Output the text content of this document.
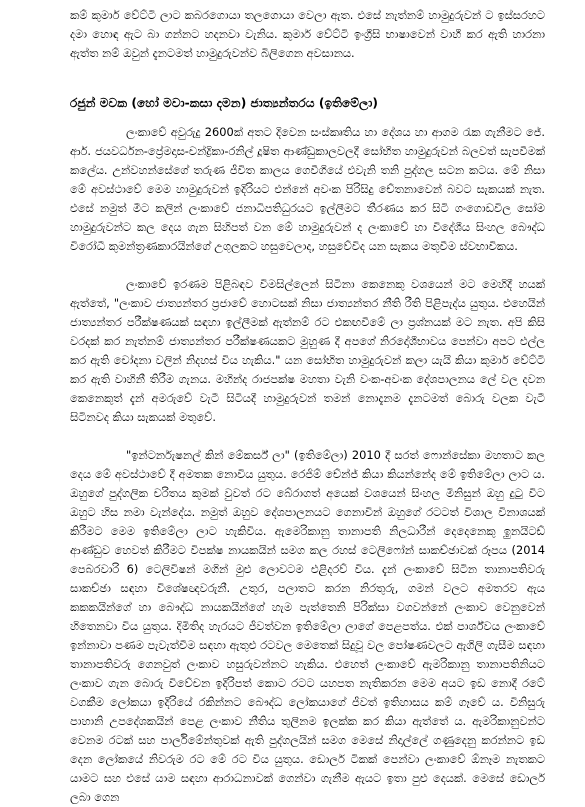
කම් කුමාර් වේට්ටි ලාට කබරගොයා තලගොයා වෙලා ඇත. එසේ නැත්නම් හාමුදුරුවන් ට ඉස්සරහට දමා හොඳ ඇට බා ගන්නට හදනවා වැනිය. කුමාර් වේට්ටි ඉංග්‍රීසි භාෂාවෙන් වාහී කර ඇති හාරනා ඇත්ත නම් ඔවුන් දැනටමත් හාමුදුරුවන්ව බිලිගෙන අවසානය.

රජුන් මවක (හෝ මවා-කසා දමන) ජාත්‍යන්තරය (ඉතිමේලා)

ලංකාවේ අවුරුදු 2600ක් අතට දිවෙන සංස්කෘතිය හා දේශය හා ආගම රැක ගැනීමට ජේ. ආර්. ජයවර්ධන-ප්‍රේමදාස-චන්ද්‍රිකා-රනිල් දූෂිත ආණ්ඩුකාලවලදී සෝභිත හාමුදුරුවන් බලවත් සැපවීමක් කලේය. උන්වහන්සේගේ තරුණ ජීවිත කාලය ගෙවීගියේ එවැනි තනි පුද්ගල සටන කටය. මේ නිසා මේ අවස්ථාවේ මෙම හාමුදුරුවන් ඉදිරියට එන්නේ අවංක පිරිසිදු චේතනාවෙන් බවට සැකයක් නැත. එසේ නමුත් මීට කලින් ලංකාවේ ජනාධිපතිධුරයට ඉල්ලීමට තීරණය කර සිටි ගංගොඩවිල සෝම හාමුදුරුවන්ට කල දෙය ගැන සිහිපත් වන මේ හාමුදුරුවන් ද ලංකාවේ හා විදේශීය සිංහල බෞද්ධ විරෝධී කුමන්ත්‍රණකාරයින්ගේ උගුලකට හසුවෙලාද, හසුවේවිද යන සැකය මතුවීම ස්වභාවිකය.

ලංකාවේ ඉරණම පිළිබඳව විමසිල්ලෙන් සිටිනා කෙනෙකු වශයෙන් මට මෙහිදී හයක් ඇත්තේ, "ලංකාව ජාත්‍යන්තර ප්‍රජාවේ හොටසක් නිසා ජාත්‍යන්තර නීති රීති පිළිපැද්ය යුතුය. එහෙයින් ජාත්‍යන්තර පරීක්ෂණයක් සඳහා ඉල්ලීමක් ඇත්නම් රට එකඟවීමේ ලා ප්‍රශ්නයක් මට නැත. අපි කිසි වරදක් කර නැත්නම් ජාත්‍යන්තර පරීක්ෂණයකට මුහුණ දී අපගේ නිරදෝශීභාවය පෙන්වා අපට එල්ල කර ඇති චෝදනා වලින් නිදහස් විය හැකිය." යන සෝභිත හාමුදුරුවන් කලා යැයි කියා කුමාර් වේට්ටි කර ඇති වාහිනී තිරීම ගැනය. මහින්ද රාජපක්ෂ මහතා වැනි වංක-අවංක දේශපාලනය ලේ වල දවන කෙනෙකුත් දැන් අමරුවේ වැටී සිටියදී හාමුදුරුවන් තමන් නොදැනම දැනටමත් බොරු වලක වැටී සිටිනවද කියා සැකයක් මතුවේ.

"ඉන්ටර්නැෂනල් කින් මේකර්ස් ලා" (ඉතිමේලා) 2010 දී සරත් ෆොන්සේකා මහතාට කල දෙය මේ අවස්ථාවේ දී අමතක නොවිය යුතුය. රෙජිම් චේන්ජ් කියා කියන්නේද මේ ඉතිමේලා ලාට ය. ඔහුගේ පුද්ගලික චරිතය කුමක් වුවත් රට බේරාගත් අයෙක් වශයෙන් සිංහල මිනිසුන් ඔහු දුටු විට ඔහුට හිස නමා වැන්දේය. නමුත් ඔහුව දේශපාලනයට ගෙනාවින් ඔහුගේ රටටත් විශාල විනාශයක් කිරීමට මෙම ඉතිමේලා ලාට හැකිවිය. ඇමෙරිකානු තානාපති නිලධාරීන් දෙදෙනෙකු ඉුනයිටඩ් ආණ්ඩුව හෙවත් කිරීමට විපක්ෂ නායකයින් සමග කල රහස් ටෙලිෆෝන් සාකච්ඡාවක් රූපය (2014 පෙබරවාරි 6) ටෙලිවිෂන් මගින් මුළු ලොවටම එළිදරව් විය. දැන් ලංකාවේ සිටින තානාපතිවරු සාකච්ඡා සඳහා විශේෂඥවරුනී. උතුර, පලාතට කරන නිරතුරු, ගමන් වලට අමතරව ඇය කකකයින්ගේ හා බෞද්ධ නායකයින්ගේ හැම පැත්තෙනි පිරික්සා වගවන්නේ ලංකාව වෙනුවෙන් හිතෙනවා විය යුතුය. දිමිතිද හැරයට ජීවත්වන ඉතිමේලා ලාගේ පෙළපත්ය. එක් පාර්ශ්වය ලංකාවේ ඉන්නාවා පණම පැවැත්වීම සඳහා ඇතුළු රටවල මෙතෙක් සිදුවූ වල පෝෂණවලට ඇගිලි ගැසීම සඳහා තානාපතිවරු ගෙනවුත් ලංකාව හසුරුවන්නට හැකිය. එහෙත් ලංකාවේ ඇමරිකානු තානාපතිනියට ලංකාව ගැන බොරු විවේචන ඉදිරිපත් කොට රටට යහපත නැතිකරන මෙම අයට ඉඩ නොදී රටේ වගකීම ලෝකයා ඉදිරියේ රකින්නට බෞද්ධ ලෝකයාගේ ජීවත් ඉතිහාසය කම් ගෑවේ ය. විනිසුරු පාහානි උපදේශකයින් පෙළ ලංකාව නීතිය තුලිනම ඉලක්ක කර කියා ඇත්තේ ය. ඇමරිකානුවන්ට වෙනම රටක් සහ පාර්ලිමේන්තුවක් ඇති පුද්ගලයින් සමග මෙසේ නිදාල්ලේ ගණුදෙනු කරන්නට ඉඩ දෙන ලෝකයේ නිවරුම රට මේ රට විය යුතුය. ඩොලර් ටිකක් පෙන්වා ලංකාවේ ඕනෑම නැතකට යාමට සහ එසේ යාම සඳහා ආරාධනාවක් ගෙන්වා ගැනීම ඇයට ඉතා පුළු දෙයක්. මෙසේ ඩොලර් ලබා ගෙන
